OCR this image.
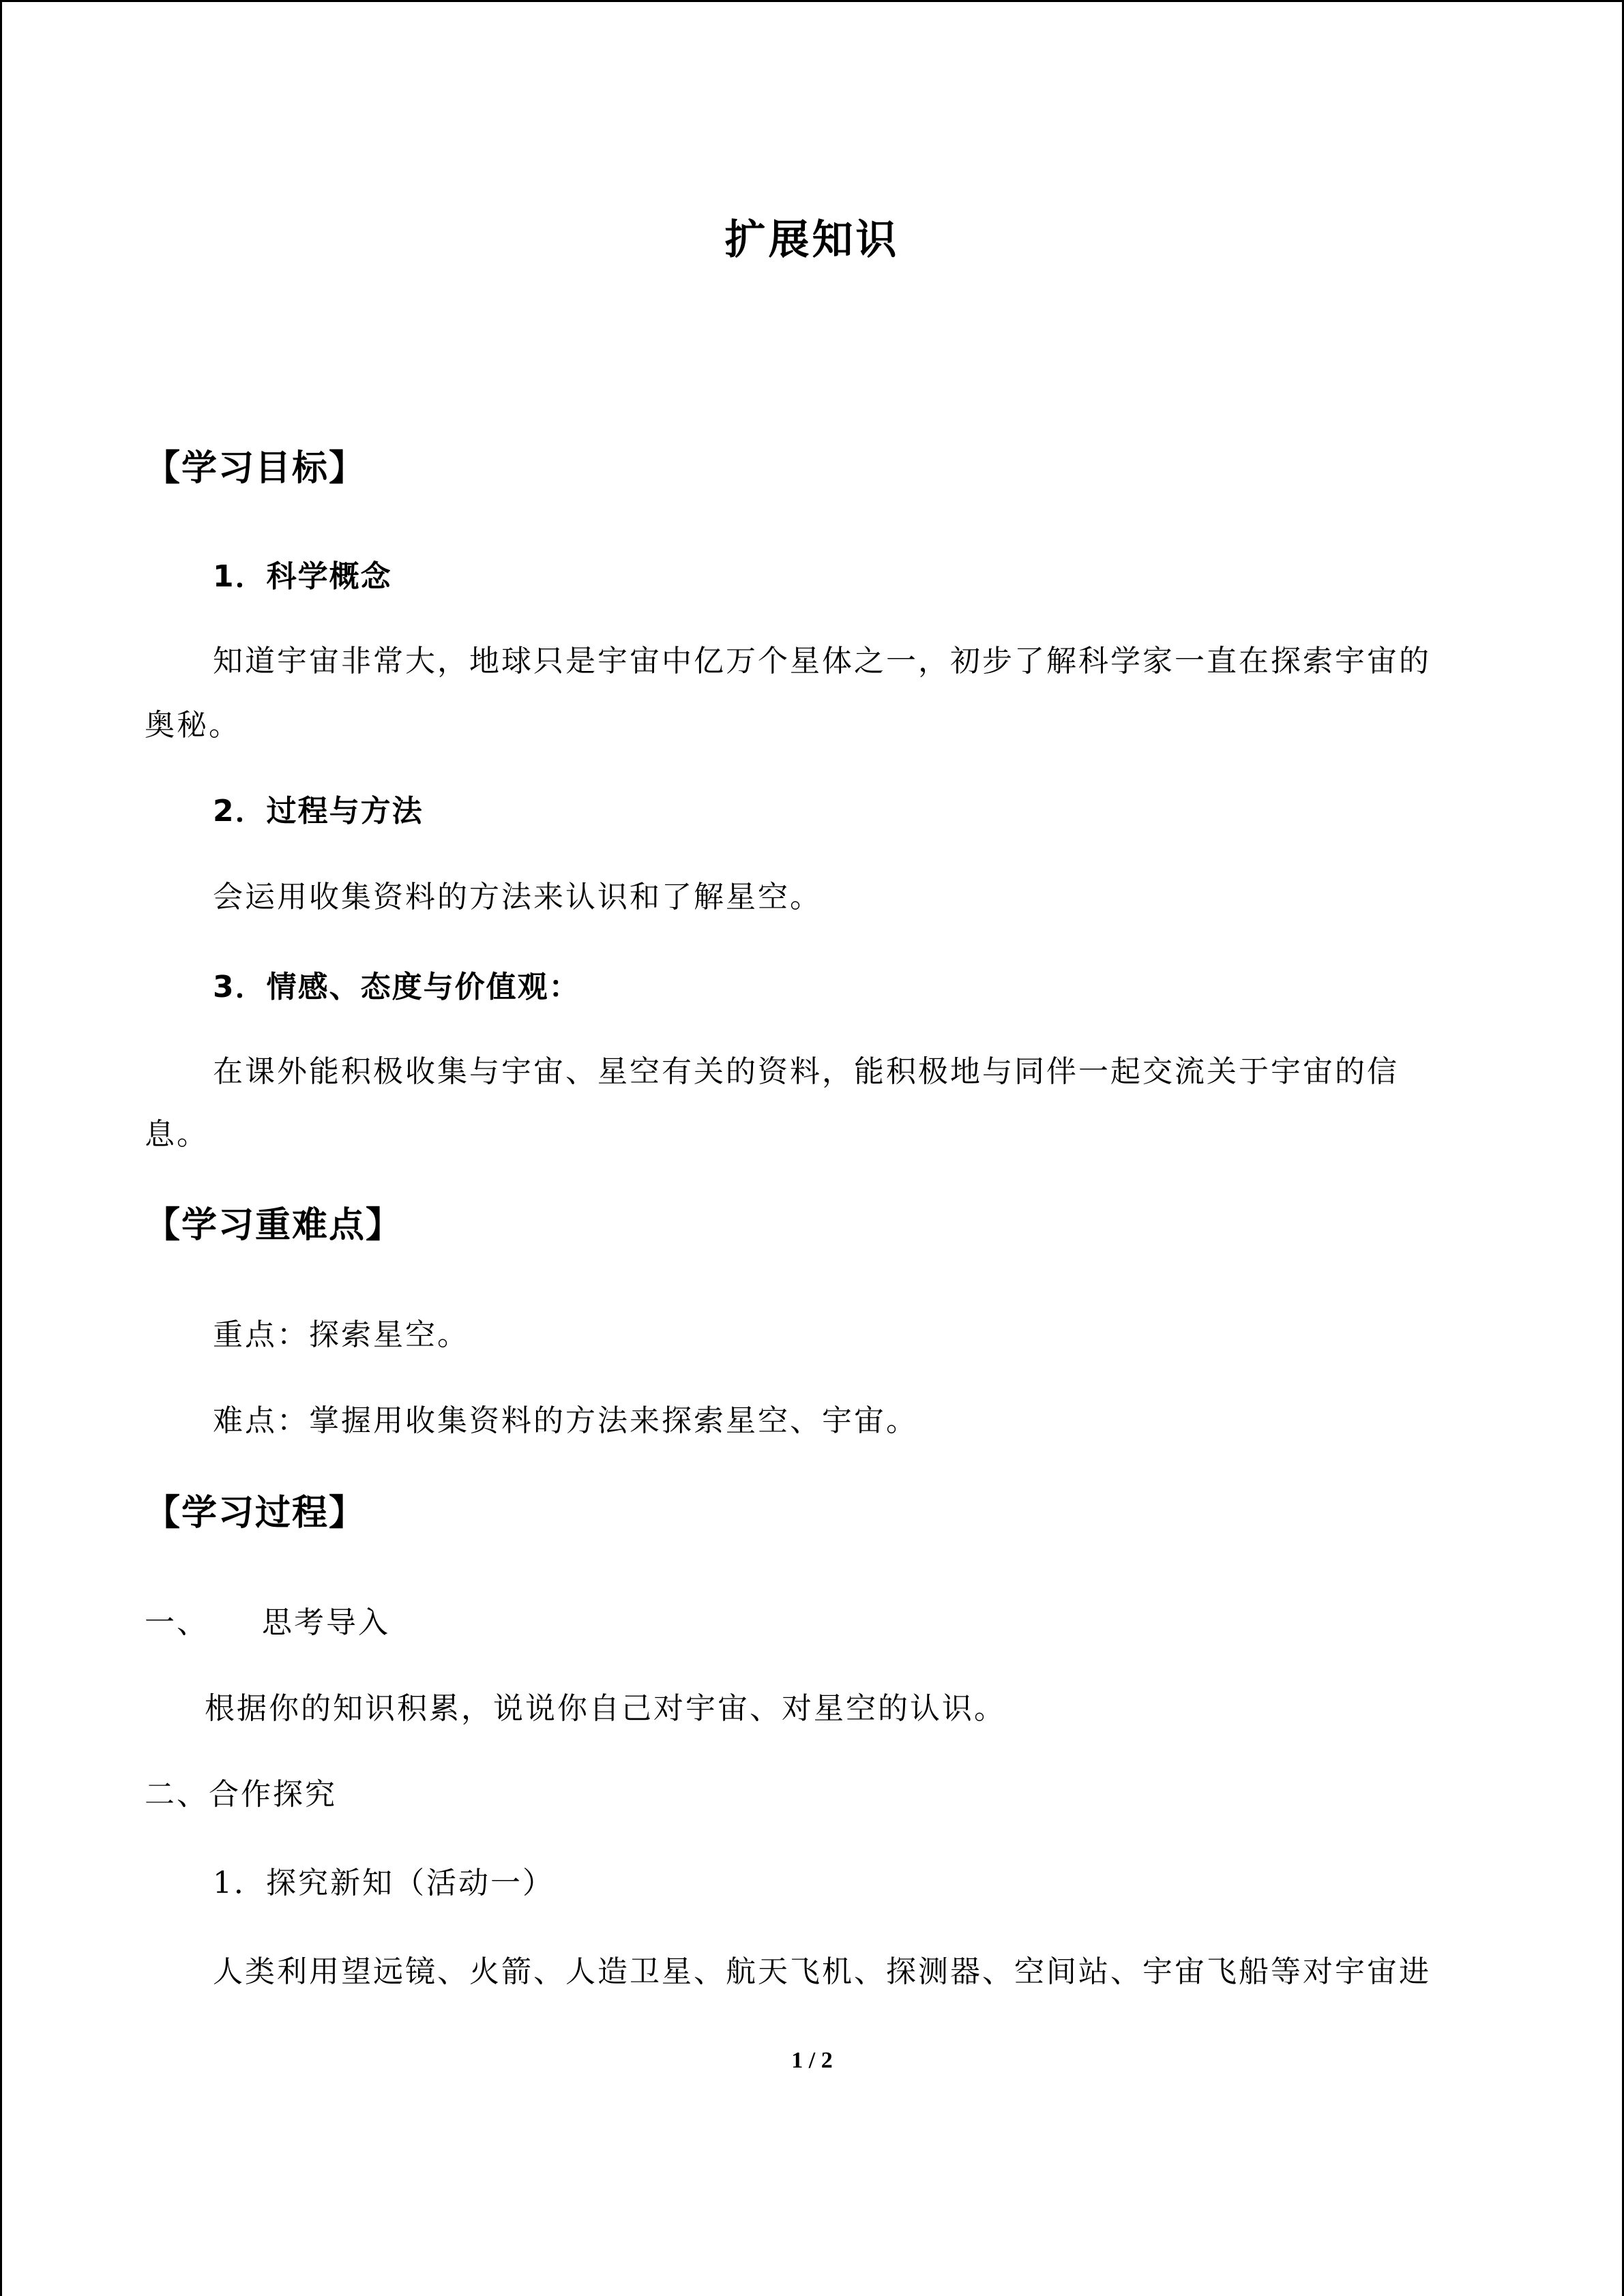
扩展知识
【学习目标】
1．科学概念
知道宇宙非常大，地球只是宇宙中亿万个星体之一，初步了解科学家一直在探索宇宙的
奥秘。
2．过程与方法
会运用收集资料的方法来认识和了解星空。
3．情感、态度与价值观：
在课外能积极收集与宇宙、星空有关的资料，能积极地与同伴一起交流关于宇宙的信
息。
【学习重难点】
重点：探索星空。
难点：掌握用收集资料的方法来探索星空、宇宙。
【学习过程】
一、 思考导入
根据你的知识积累，说说你自己对宇宙、对星空的认识。
二、合作探究
1．探究新知（活动一）
人类利用望远镜、火箭、人造卫星、航天飞机、探测器、空间站、宇宙飞船等对宇宙进
1 / 2
